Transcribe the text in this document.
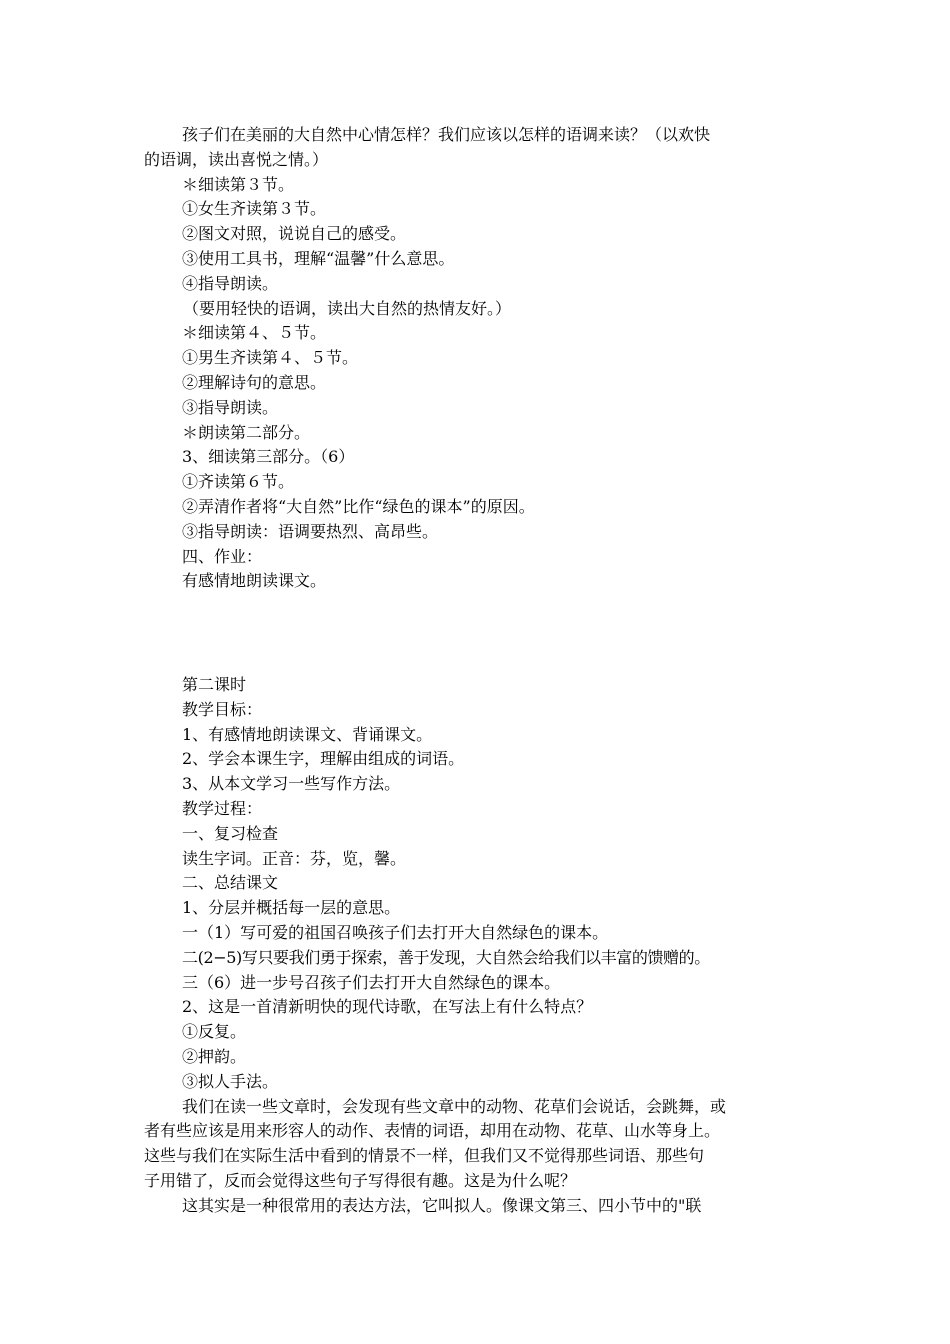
孩子们在美丽的大自然中心情怎样？我们应该以怎样的语调来读？（以欢快
的语调，读出喜悦之情。）
＊细读第３节。
①女生齐读第３节。
②图文对照，说说自己的感受。
③使用工具书，理解“温馨”什么意思。
④指导朗读。
（要用轻快的语调，读出大自然的热情友好。）
＊细读第４、５节。
①男生齐读第４、５节。
②理解诗句的意思。
③指导朗读。
＊朗读第二部分。
3、细读第三部分。（6）
①齐读第６节。
②弄清作者将“大自然”比作“绿色的课本”的原因。
③指导朗读：语调要热烈、高昂些。
四、作业：
有感情地朗读课文。
第二课时
教学目标：
1、有感情地朗读课文、背诵课文。
2、学会本课生字，理解由组成的词语。
3、从本文学习一些写作方法。
教学过程：
一、复习检查
读生字词。正音：芬，览，馨。
二、总结课文
1、分层并概括每一层的意思。
一（1）写可爱的祖国召唤孩子们去打开大自然绿色的课本。
二(2−5)写只要我们勇于探索，善于发现，大自然会给我们以丰富的馈赠的。
三（6）进一步号召孩子们去打开大自然绿色的课本。
2、这是一首清新明快的现代诗歌，在写法上有什么特点？
①反复。
②押韵。
③拟人手法。
我们在读一些文章时，会发现有些文章中的动物、花草们会说话，会跳舞，或
者有些应该是用来形容人的动作、表情的词语，却用在动物、花草、山水等身上。
这些与我们在实际生活中看到的情景不一样，但我们又不觉得那些词语、那些句
子用错了，反而会觉得这些句子写得很有趣。这是为什么呢？
这其实是一种很常用的表达方法，它叫拟人。像课文第三、四小节中的"联
